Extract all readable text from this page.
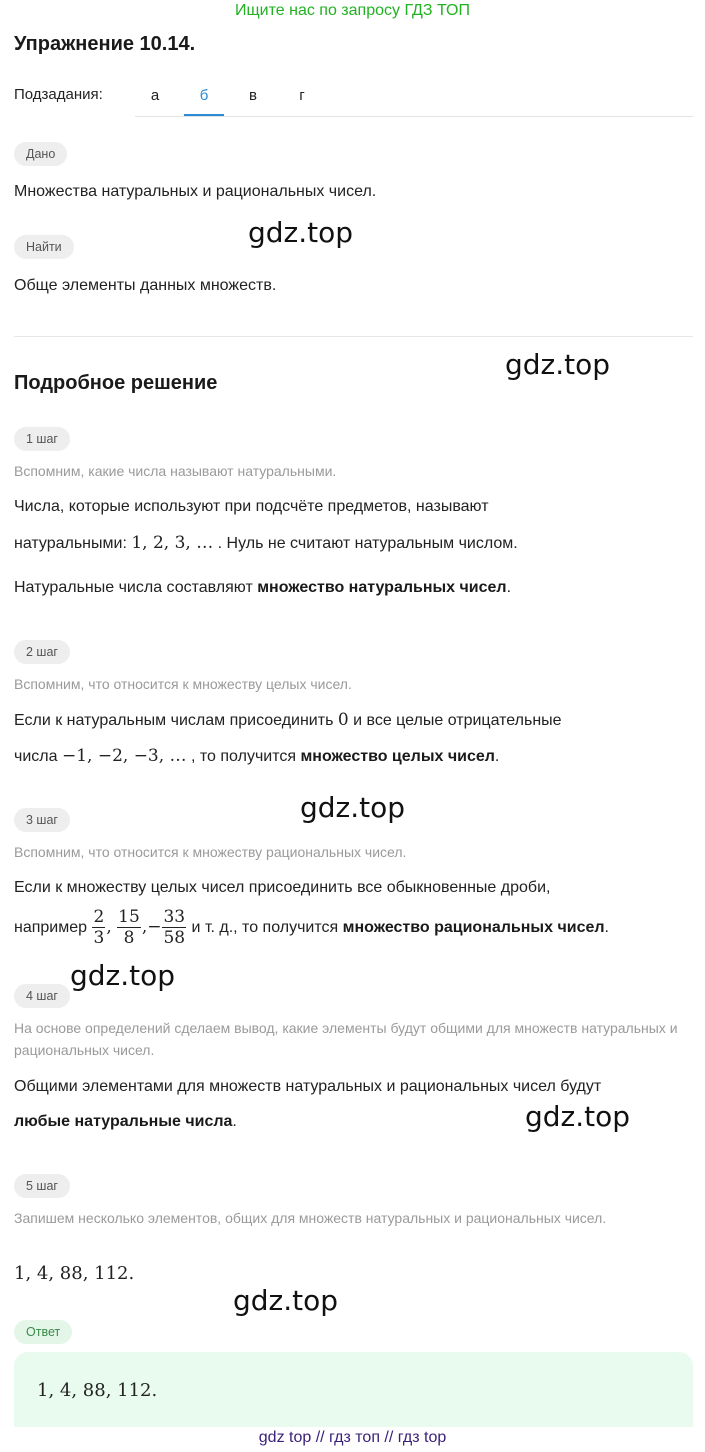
Ищите нас по запросу ГДЗ ТОП
Упражнение 10.14.
Подзадания:	а	б	в	г
Дано
Множества натуральных и рациональных чисел.
Найти
Обще элементы данных множеств.
Подробное решение
1 шаг
Вспомним, какие числа называют натуральными.
Числа, которые используют при подсчёте предметов, называют
натуральными: 1, 2, 3, … . Нуль не считают натуральным числом.
Натуральные числа составляют множество натуральных чисел.
2 шаг
Вспомним, что относится к множеству целых чисел.
Если к натуральным числам присоединить 0 и все целые отрицательные
числа −1, −2, −3, … , то получится множество целых чисел.
3 шаг
Вспомним, что относится к множеству рациональных чисел.
Если к множеству целых чисел присоединить все обыкновенные дроби,
например $\frac{2}{3}$ , $\frac{15}{8}$ ,− $\frac{33}{58}$ и т. д., то получится множество рациональных чисел.
4 шаг
На основе определений сделаем вывод, какие элементы будут общими для множеств натуральных и рациональных чисел.
Общими элементами для множеств натуральных и рациональных чисел будут
любые натуральные числа.
5 шаг
Запишем несколько элементов, общих для множеств натуральных и рациональных чисел.
1, 4, 88, 112.
Ответ
1, 4, 88, 112.
gdz.top
gdz.top
gdz.top
gdz.top
gdz.top
gdz.top
gdz top // гдз топ // гдз top
